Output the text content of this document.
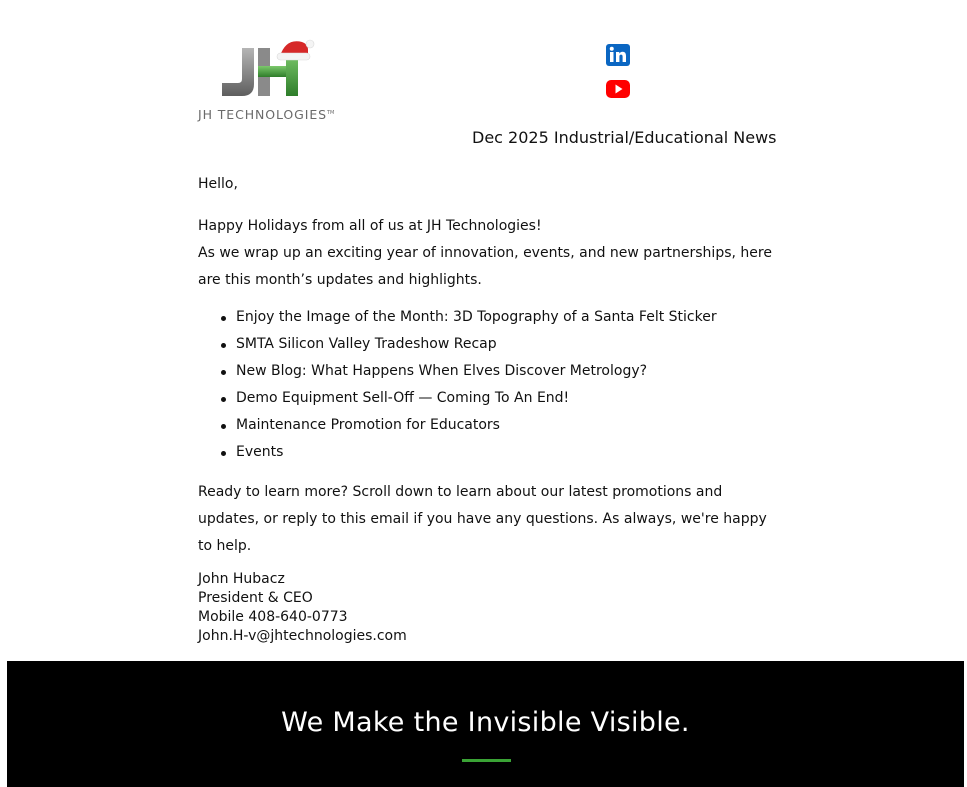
JH TECHNOLOGIES™
Dec 2025 Industrial/Educational News
Hello,

Happy Holidays from all of us at JH Technologies!

As we wrap up an exciting year of innovation, events, and new partnerships, here are this month’s updates and highlights.

Enjoy the Image of the Month: 3D Topography of a Santa Felt Sticker
SMTA Silicon Valley Tradeshow Recap
New Blog: What Happens When Elves Discover Metrology?
Demo Equipment Sell-Off — Coming To An End!
Maintenance Promotion for Educators
Events

Ready to learn more? Scroll down to learn about our latest promotions and updates, or reply to this email if you have any questions. As always, we're happy to help.

John Hubacz
President & CEO
Mobile 408-640-0773
John.H-v@jhtechnologies.com
We Make the Invisible Visible.
